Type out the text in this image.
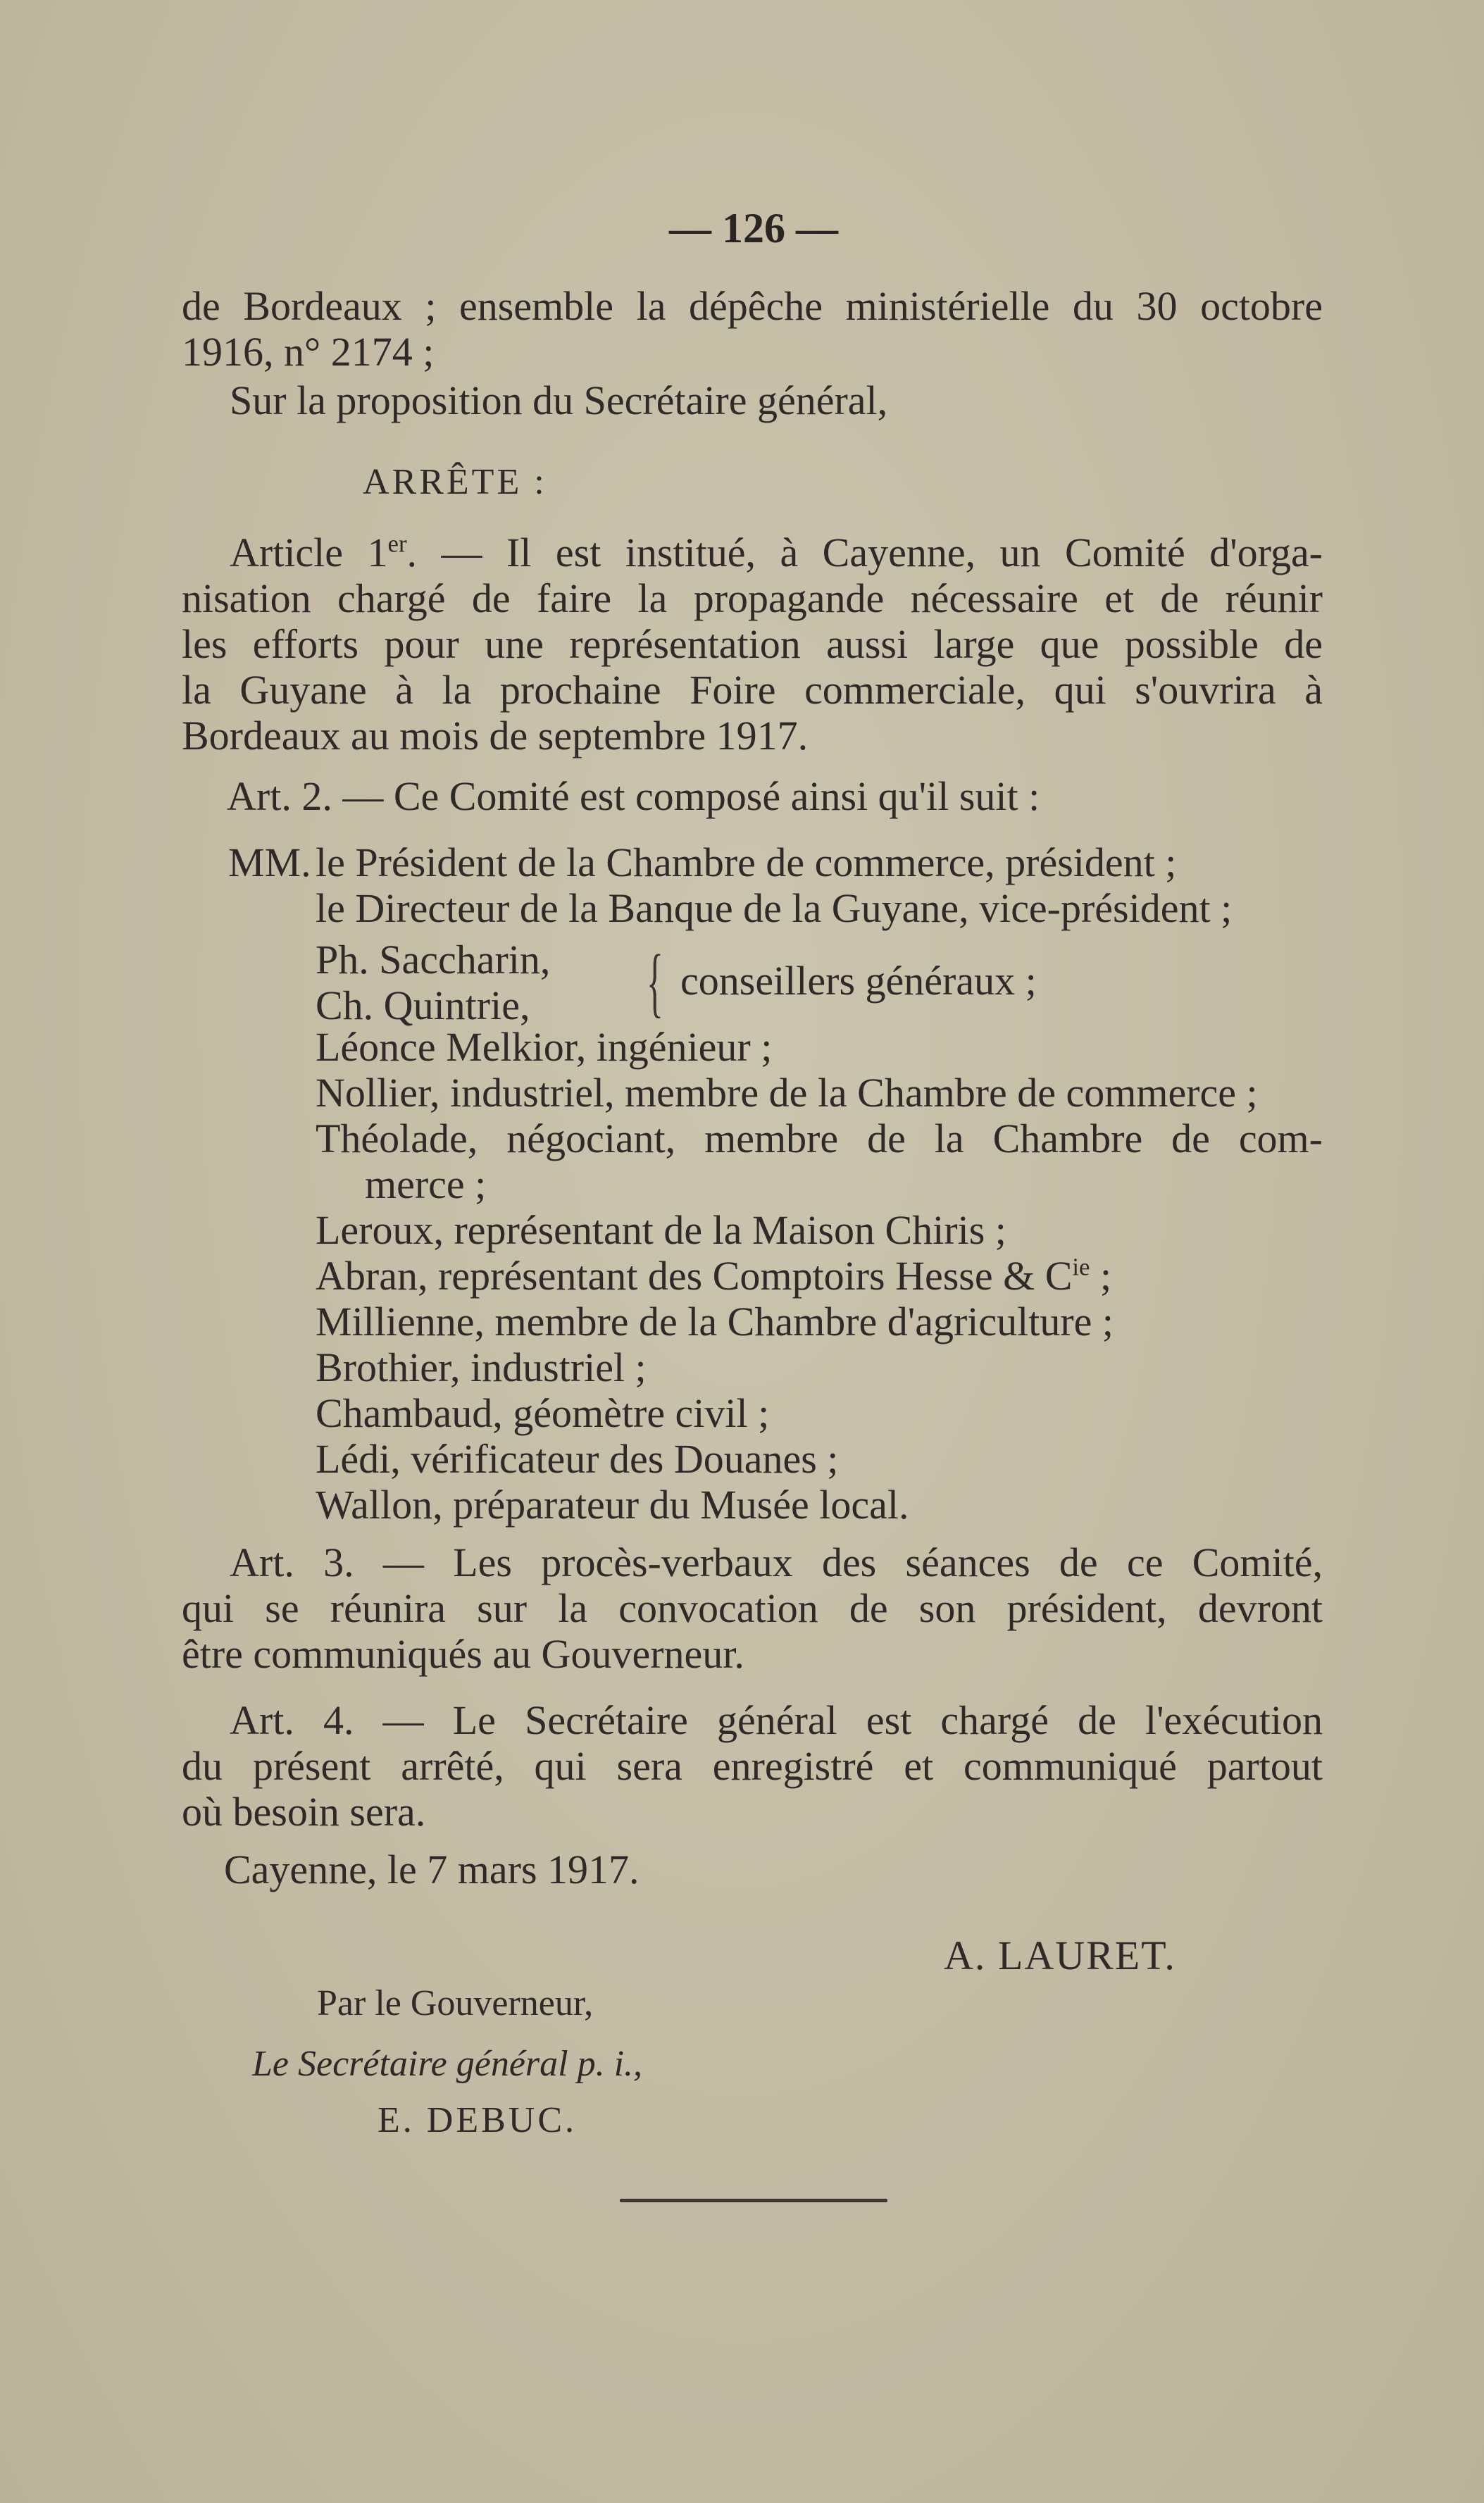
— 126 —
de Bordeaux ; ensemble la dépêche ministérielle du 30 octobre
1916, n° 2174 ;
Sur la proposition du Secrétaire général,
ARRÊTE :
Article 1er. — Il est institué, à Cayenne, un Comité d'orga-
nisation chargé de faire la propagande nécessaire et de réunir
les efforts pour une représentation aussi large que possible de
la Guyane à la prochaine Foire commerciale, qui s'ouvrira à
Bordeaux au mois de septembre 1917.
Art. 2. — Ce Comité est composé ainsi qu'il suit :
MM. le Président de la Chambre de commerce, président ;
le Directeur de la Banque de la Guyane, vice-président ;
Ph. Saccharin,
Ch. Quintrie, { conseillers généraux ;
Léonce Melkior, ingénieur ;
Nollier, industriel, membre de la Chambre de commerce ;
Théolade, négociant, membre de la Chambre de com-
merce ;
Leroux, représentant de la Maison Chiris ;
Abran, représentant des Comptoirs Hesse & $C^{ie}$ ;
Millienne, membre de la Chambre d'agriculture ;
Brothier, industriel ;
Chambaud, géomètre civil ;
Lédi, vérificateur des Douanes ;
Wallon, préparateur du Musée local.
Art. 3. — Les procès-verbaux des séances de ce Comité,
qui se réunira sur la convocation de son président, devront
être communiqués au Gouverneur.
Art. 4. — Le Secrétaire général est chargé de l'exécution
du présent arrêté, qui sera enregistré et communiqué partout
où besoin sera.
Cayenne, le 7 mars 1917.
A. LAURET.
Par le Gouverneur,
Le Secrétaire général p. i.,
E. DEBUC.
